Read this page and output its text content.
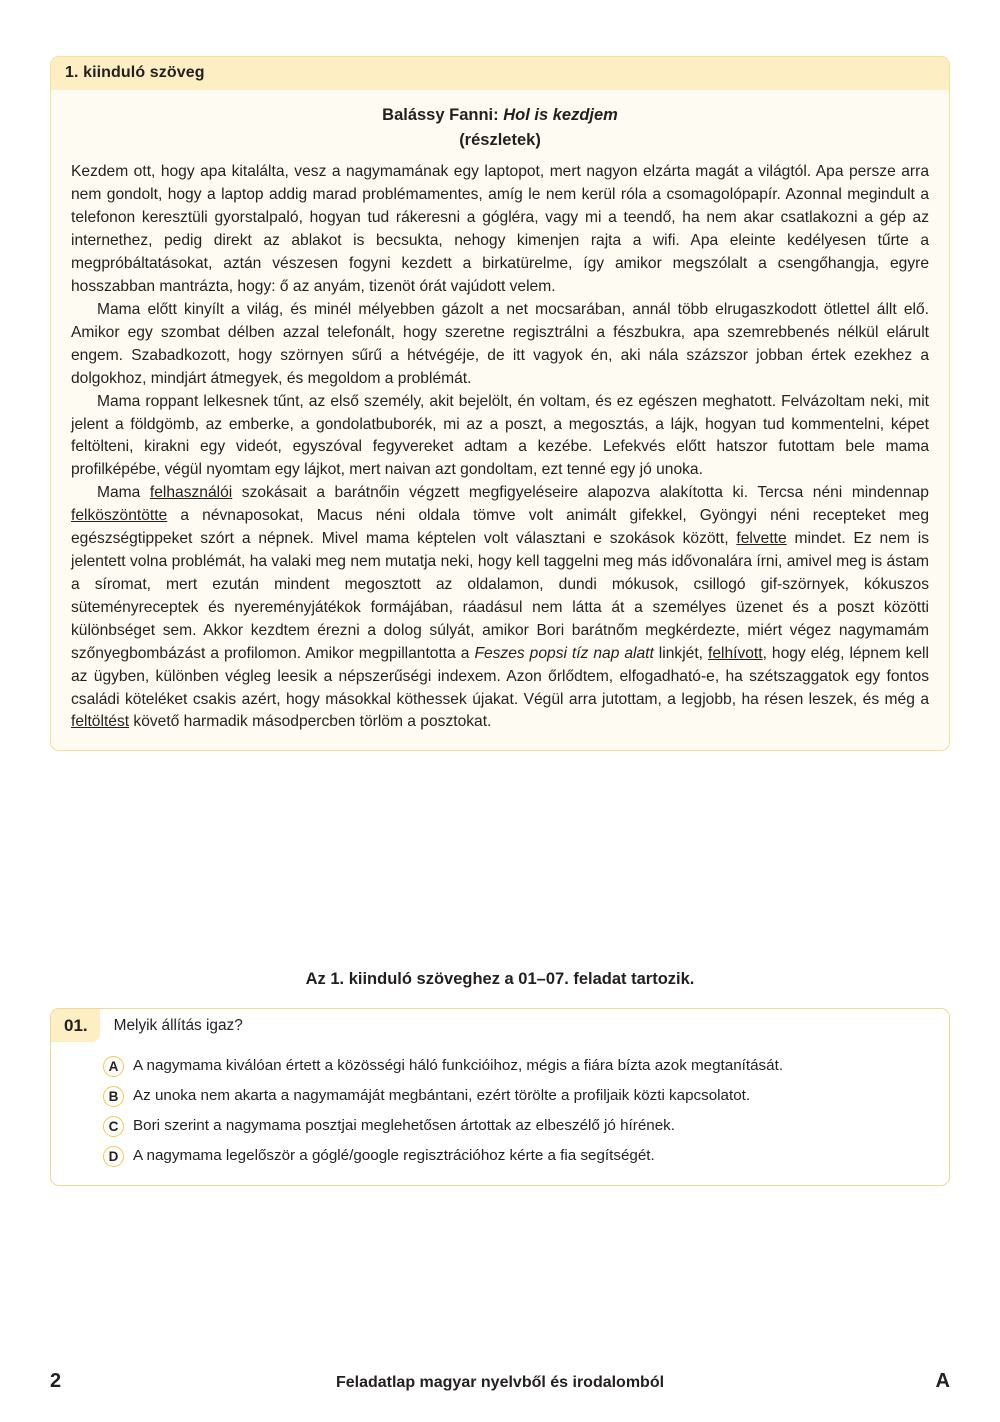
1. kiinduló szöveg
Balássy Fanni: Hol is kezdjem
(részletek)

Kezdem ott, hogy apa kitalálta, vesz a nagymamának egy laptopot, mert nagyon elzárta magát a világtól. Apa persze arra nem gondolt, hogy a laptop addig marad problémamentes, amíg le nem kerül róla a csomagolópapír. Azonnal megindult a telefonon keresztüli gyorstalpaló, hogyan tud rákeresni a gógléra, vagy mi a teendő, ha nem akar csatlakozni a gép az internethez, pedig direkt az ablakot is becsukta, nehogy kimenjen rajta a wifi. Apa eleinte kedélyesen tűrte a megpróbáltatásokat, aztán vészesen fogyni kezdett a birkatürelme, így amikor megszólalt a csengőhangja, egyre hosszabban mantrázta, hogy: ő az anyám, tizenöt órát vajúdott velem.

Mama előtt kinyílt a világ, és minél mélyebben gázolt a net mocsarában, annál több elrugaszkodott ötlettel állt elő. Amikor egy szombat délben azzal telefonált, hogy szeretne regisztrálni a fészbukra, apa szemrebbenés nélkül elárult engem. Szabadkozott, hogy szörnyen sűrű a hétvégéje, de itt vagyok én, aki nála százszor jobban értek ezekhez a dolgokhoz, mindjárt átmegyek, és megoldom a problémát.

Mama roppant lelkesnek tűnt, az első személy, akit bejelölt, én voltam, és ez egészen meghatott. Felvázoltam neki, mit jelent a földgömb, az emberke, a gondolatbuborék, mi az a poszt, a megosztás, a lájk, hogyan tud kommentelni, képet feltölteni, kirakni egy videót, egyszóval fegyvereket adtam a kezébe. Lefekvés előtt hatszor futottam bele mama profilképébe, végül nyomtam egy lájkot, mert naivan azt gondoltam, ezt tenné egy jó unoka.

Mama felhasználói szokásait a barátnőin végzett megfigyeléseire alapozva alakította ki. Tercsa néni mindennap felköszöntötte a névnaposokat, Macus néni oldala tömve volt animált gifekkel, Gyöngyi néni recepteket meg egészségtippeket szórt a népnek. Mivel mama képtelen volt választani e szokások között, felvette mindet. Ez nem is jelentett volna problémát, ha valaki meg nem mutatja neki, hogy kell taggelni meg más idővonalára írni, amivel meg is ástam a síromat, mert ezután mindent megosztott az oldalamon, dundi mókusok, csillogó gif-szörnyek, kókuszos süteményreceptek és nyereményjátékok formájában, ráadásul nem látta át a személyes üzenet és a poszt közötti különbséget sem. Akkor kezdtem érezni a dolog súlyát, amikor Bori barátnőm megkérdezte, miért végez nagymamám szőnyegbombázást a profilomon. Amikor megpillantotta a Feszes popsi tíz nap alatt linkjét, felhívott, hogy elég, lépnem kell az ügyben, különben végleg leesik a népszerűségi indexem. Azon őrlődtem, elfogadható-e, ha szétszaggatok egy fontos családi köteléket csakis azért, hogy másokkal köthessek újakat. Végül arra jutottam, a legjobb, ha résen leszek, és még a feltöltést követő harmadik másodpercben törlöm a posztokat.

Az 1. kiinduló szöveghez a 01–07. feladat tartozik.
01.	Melyik állítás igaz?
A A nagymama kiválóan értett a közösségi háló funkcióihoz, mégis a fiára bízta azok megtanítását.
B Az unoka nem akarta a nagymamáját megbántani, ezért törölte a profiljaik közti kapcsolatot.
C Bori szerint a nagymama posztjai meglehetősen ártottak az elbeszélő jó hírének.
D A nagymama legelőször a góglé/google regisztrációhoz kérte a fia segítségét.
2	Feladatlap magyar nyelvből és irodalomból	A
